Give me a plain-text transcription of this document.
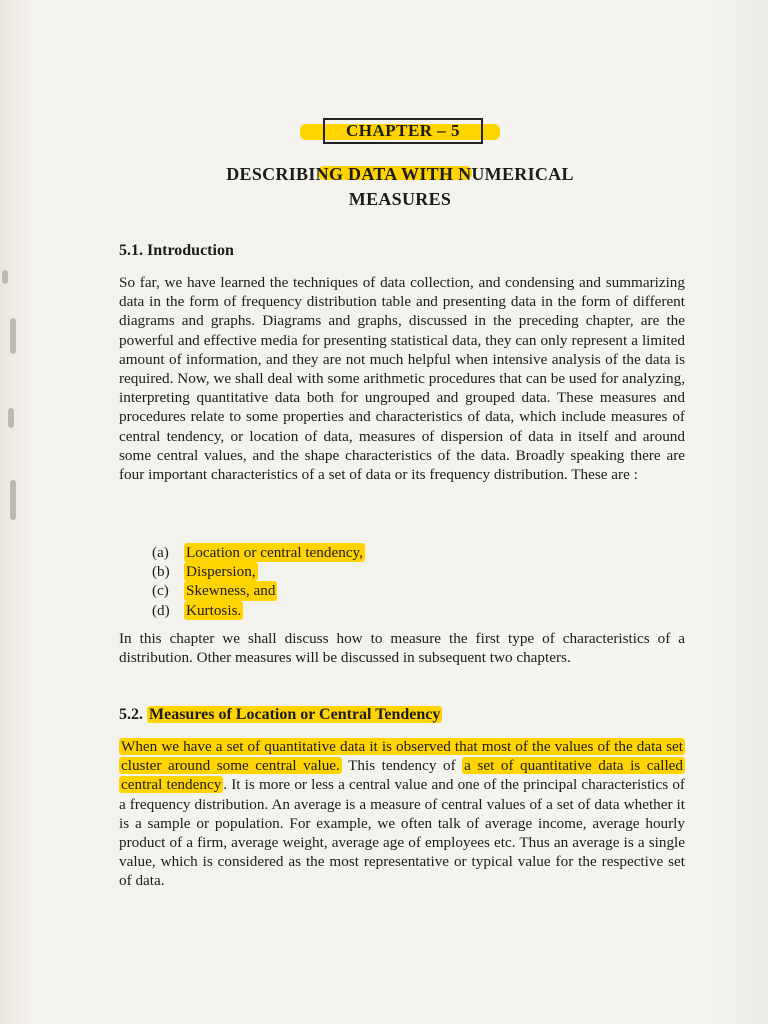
CHAPTER – 5
DESCRIBING DATA WITH NUMERICAL
MEASURES
5.1. Introduction
So far, we have learned the techniques of data collection, and condensing and summarizing data in the form of frequency distribution table and presenting data in the form of different diagrams and graphs. Diagrams and graphs, discussed in the preceding chapter, are the powerful and effective media for presenting statistical data, they can only represent a limited amount of information, and they are not much helpful when intensive analysis of the data is required. Now, we shall deal with some arithmetic procedures that can be used for analyzing, interpreting quantitative data both for ungrouped and grouped data. These measures and procedures relate to some properties and characteristics of data, which include measures of central tendency, or location of data, measures of dispersion of data in itself and around some central values, and the shape characteristics of the data. Broadly speaking there are four important characteristics of a set of data or its frequency distribution. These are :
(a) Location or central tendency,
(b) Dispersion,
(c) Skewness, and
(d) Kurtosis.
In this chapter we shall discuss how to measure the first type of characteristics of a distribution. Other measures will be discussed in subsequent two chapters.
5.2. Measures of Location or Central Tendency
When we have a set of quantitative data it is observed that most of the values of the data set cluster around some central value. This tendency of a set of quantitative data is called central tendency . It is more or less a central value and one of the principal characteristics of a frequency distribution. An average is a measure of central values of a set of data whether it is a sample or population. For example, we often talk of average income, average hourly product of a firm, average weight, average age of employees etc. Thus an average is a single value, which is considered as the most representative or typical value for the respective set of data.
